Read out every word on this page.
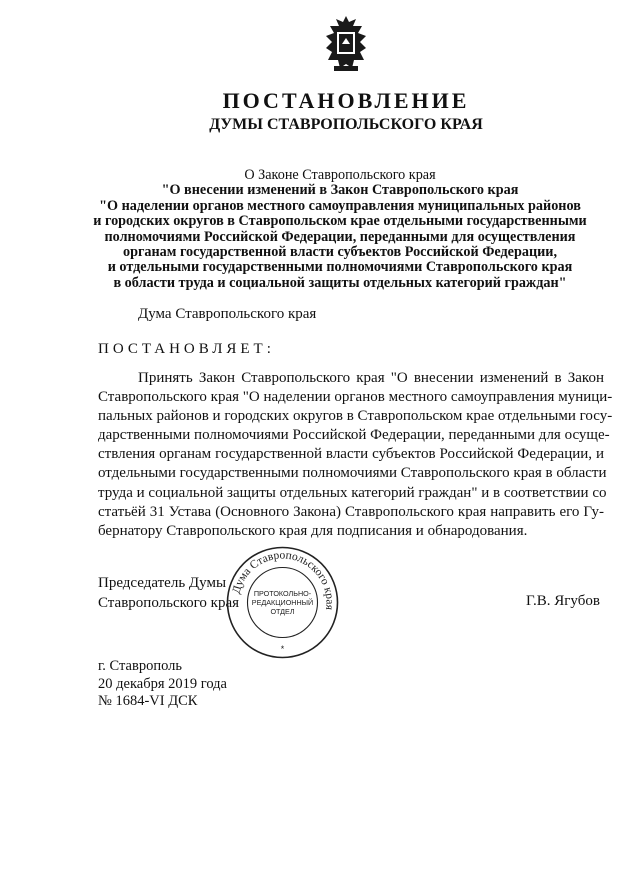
ПОСТАНОВЛЕНИЕ
ДУМЫ СТАВРОПОЛЬСКОГО КРАЯ
О Законе Ставропольского края
"О внесении изменений в Закон Ставропольского края
"О наделении органов местного самоуправления муниципальных районов
и городских округов в Ставропольском крае отдельными государственными
полномочиями Российской Федерации, переданными для осуществления
органам государственной власти субъектов Российской Федерации,
и отдельными государственными полномочиями Ставропольского края
в области труда и социальной защиты отдельных категорий граждан"
Дума Ставропольского края
ПОСТАНОВЛЯЕТ:
Принять Закон Ставропольского края "О внесении изменений в Закон
Ставропольского края "О наделении органов местного самоуправления муници-
пальных районов и городских округов в Ставропольском крае отдельными госу-
дарственными полномочиями Российской Федерации, переданными для осуще-
ствления органам государственной власти субъектов Российской Федерации, и
отдельными государственными полномочиями Ставропольского края в области
труда и социальной защиты отдельных категорий граждан" и в соответствии со
статьёй 31 Устава (Основного Закона) Ставропольского края направить его Гу-
бернатору Ставропольского края для подписания и обнародования.
Председатель Думы
Ставропольского края	Г.В. Ягубов
Думa Ставропольского края
ПРОТОКОЛЬНО-
РЕДАКЦИОННЫЙ
ОТДЕЛ
*
г. Ставрополь
20 декабря 2019 года
№ 1684-VI ДСК
